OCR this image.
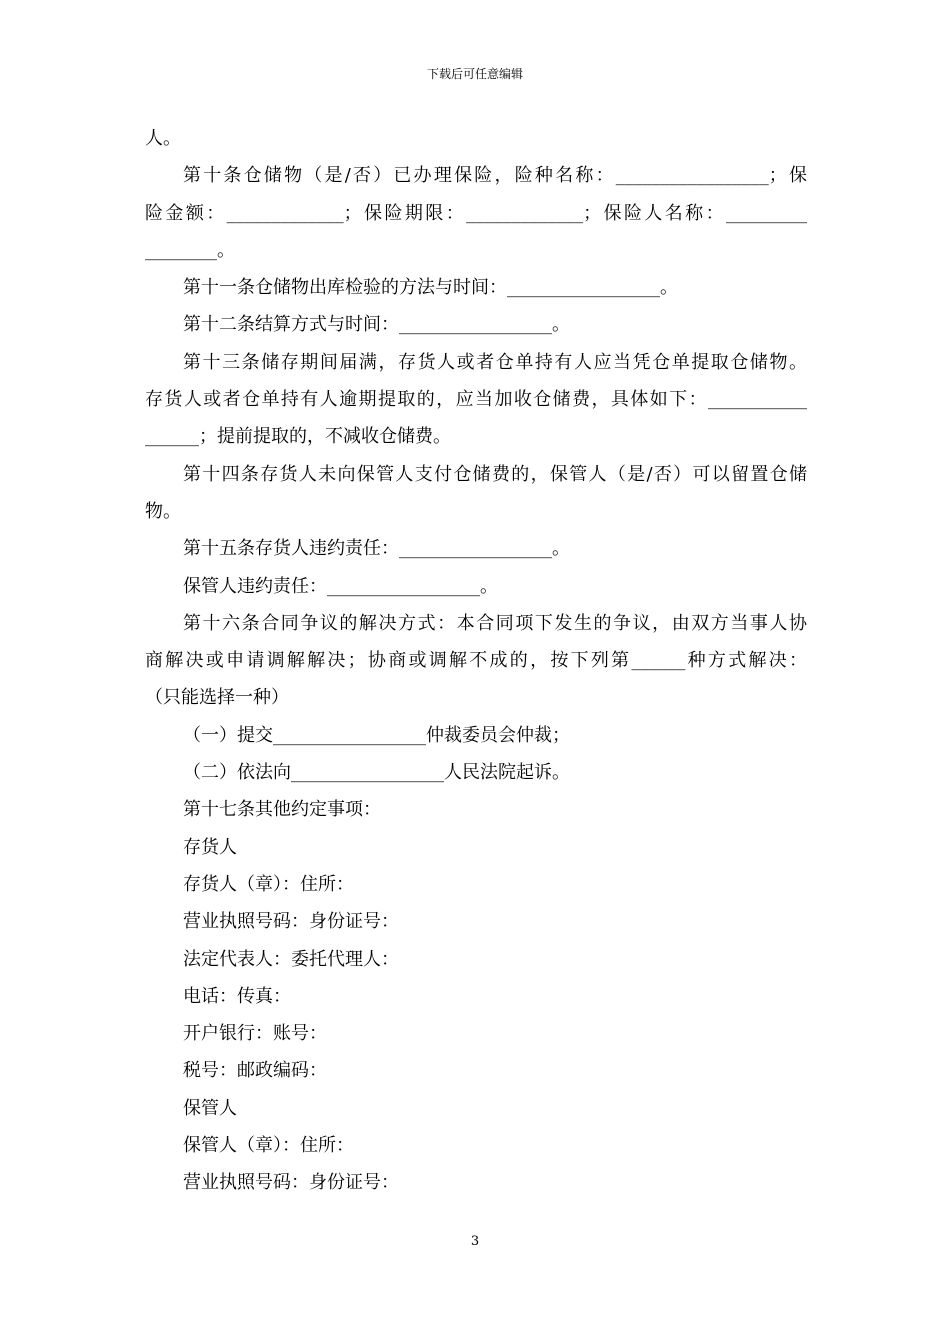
下载后可任意编辑

人。

第十条仓储物（是/否）已办理保险，险种名称：_________________；保

险金额：_____________；保险期限：_____________；保险人名称：_________

________。

第十一条仓储物出库检验的方法与时间：_________________。

第十二条结算方式与时间：_________________。

第十三条储存期间届满，存货人或者仓单持有人应当凭仓单提取仓储物。

存货人或者仓单持有人逾期提取的，应当加收仓储费，具体如下：___________

______；提前提取的，不减收仓储费。

第十四条存货人未向保管人支付仓储费的，保管人（是/否）可以留置仓储

物。

第十五条存货人违约责任：_________________。

保管人违约责任：_________________。

第十六条合同争议的解决方式：本合同项下发生的争议，由双方当事人协

商解决或申请调解解决；协商或调解不成的，按下列第______种方式解决：

（只能选择一种）

（一）提交_________________仲裁委员会仲裁；

（二）依法向_________________人民法院起诉。

第十七条其他约定事项：

存货人

存货人（章）：住所：

营业执照号码：身份证号：

法定代表人：委托代理人：

电话：传真：

开户银行：账号：

税号：邮政编码：

保管人

保管人（章）：住所：

营业执照号码：身份证号：

3
